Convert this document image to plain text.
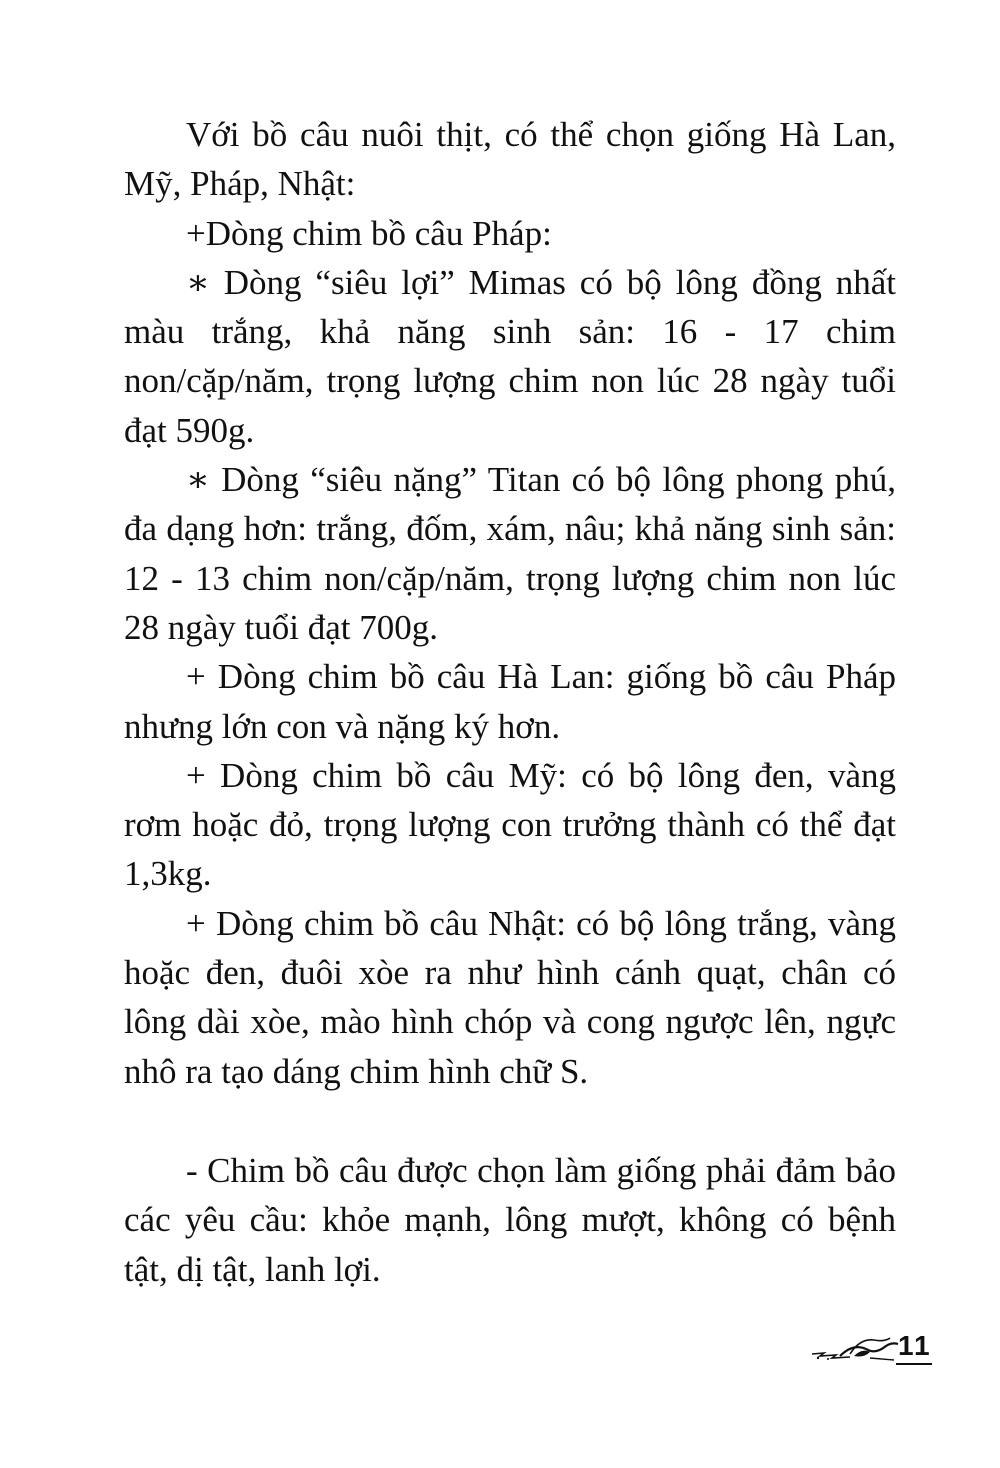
Với bồ câu nuôi thịt, có thể chọn giống Hà Lan, Mỹ, Pháp, Nhật:

+Dòng chim bồ câu Pháp:

∗ Dòng “siêu lợi” Mimas có bộ lông đồng nhất màu trắng, khả năng sinh sản: 16 - 17 chim non/cặp/năm, trọng lượng chim non lúc 28 ngày tuổi đạt 590g.

∗ Dòng “siêu nặng” Titan có bộ lông phong phú, đa dạng hơn: trắng, đốm, xám, nâu; khả năng sinh sản: 12 - 13 chim non/cặp/năm, trọng lượng chim non lúc 28 ngày tuổi đạt 700g.

+ Dòng chim bồ câu Hà Lan: giống bồ câu Pháp nhưng lớn con và nặng ký hơn.

+ Dòng chim bồ câu Mỹ: có bộ lông đen, vàng rơm hoặc đỏ, trọng lượng con trưởng thành có thể đạt 1,3kg.

+ Dòng chim bồ câu Nhật: có bộ lông trắng, vàng hoặc đen, đuôi xòe ra như hình cánh quạt, chân có lông dài xòe, mào hình chóp và cong ngược lên, ngực nhô ra tạo dáng chim hình chữ S.

- Chim bồ câu được chọn làm giống phải đảm bảo các yêu cầu: khỏe mạnh, lông mượt, không có bệnh tật, dị tật, lanh lợi.

11
